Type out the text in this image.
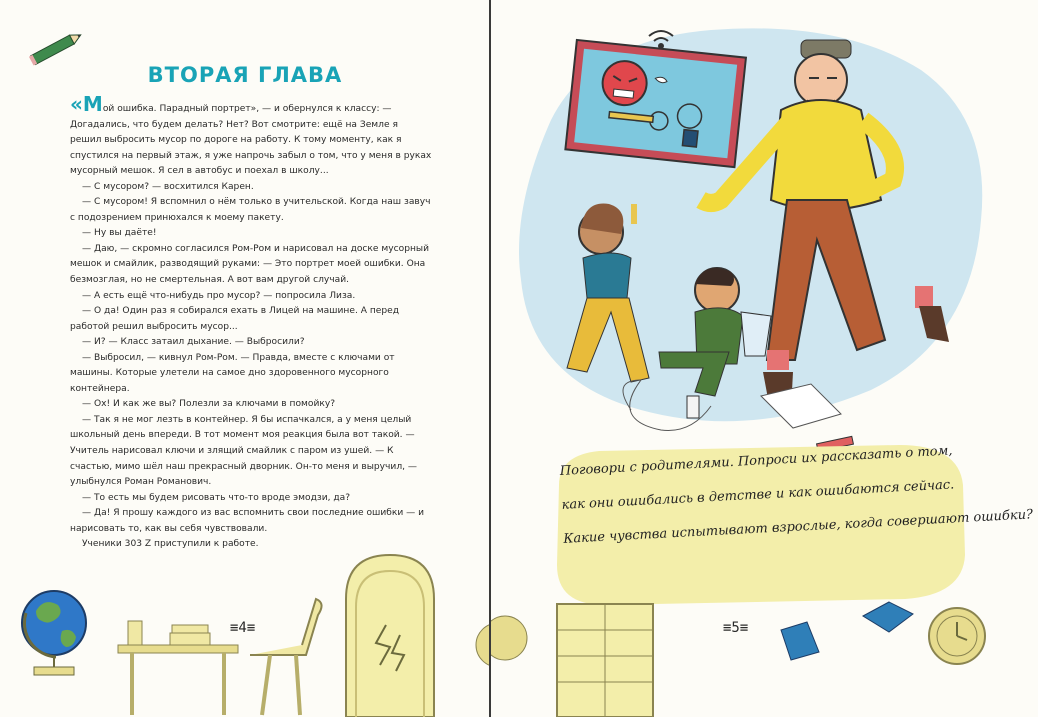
ВТОРАЯ ГЛАВА

«Мой ошибка. Парадный портрет», — и обернулся к классу: — Догадались, что будем делать? Нет? Вот смотрите: ещё на Земле я решил выбросить мусор по дороге на работу. К тому моменту, как я спустился на первый этаж, я уже напрочь забыл о том, что у меня в руках мусорный мешок. Я сел в автобус и поехал в школу...

— С мусором? — восхитился Карен.

— С мусором! Я вспомнил о нём только в учительской. Когда наш завуч с подозрением принюхался к моему пакету.

— Ну вы даёте!

— Даю, — скромно согласился Ром-Ром и нарисовал на доске мусорный мешок и смайлик, разводящий руками: — Это портрет моей ошибки. Она безмозглая, но не смертельная. А вот вам другой случай.

— А есть ещё что-нибудь про мусор? — попросила Лиза.

— О да! Один раз я собирался ехать в Лицей на машине. А перед работой решил выбросить мусор...

— И? — Класс затаил дыхание. — Выбросили?

— Выбросил, — кивнул Ром-Ром. — Правда, вместе с ключами от машины. Которые улетели на самое дно здоровенного мусорного контейнера.

— Ох! И как же вы? Полезли за ключами в помойку?

— Так я не мог лезть в контейнер. Я бы испачкался, а у меня целый школьный день впереди. В тот момент моя реакция была вот такой. — Учитель нарисовал ключи и злящий смайлик с паром из ушей. — К счастью, мимо шёл наш прекрасный дворник. Он-то меня и выручил, — улыбнулся Роман Романович.

— То есть мы будем рисовать что-то вроде эмодзи, да?

— Да! Я прошу каждого из вас вспомнить свои последние ошибки — и нарисовать то, как вы себя чувствовали.

Ученики 303 Z приступили к работе.

≡4≡
Поговори с родителями. Попроси их рассказать о том,
как они ошибались в детстве и как ошибаются сейчас.
Какие чувства испытывают взрослые, когда совершают ошибки?
≡5≡
